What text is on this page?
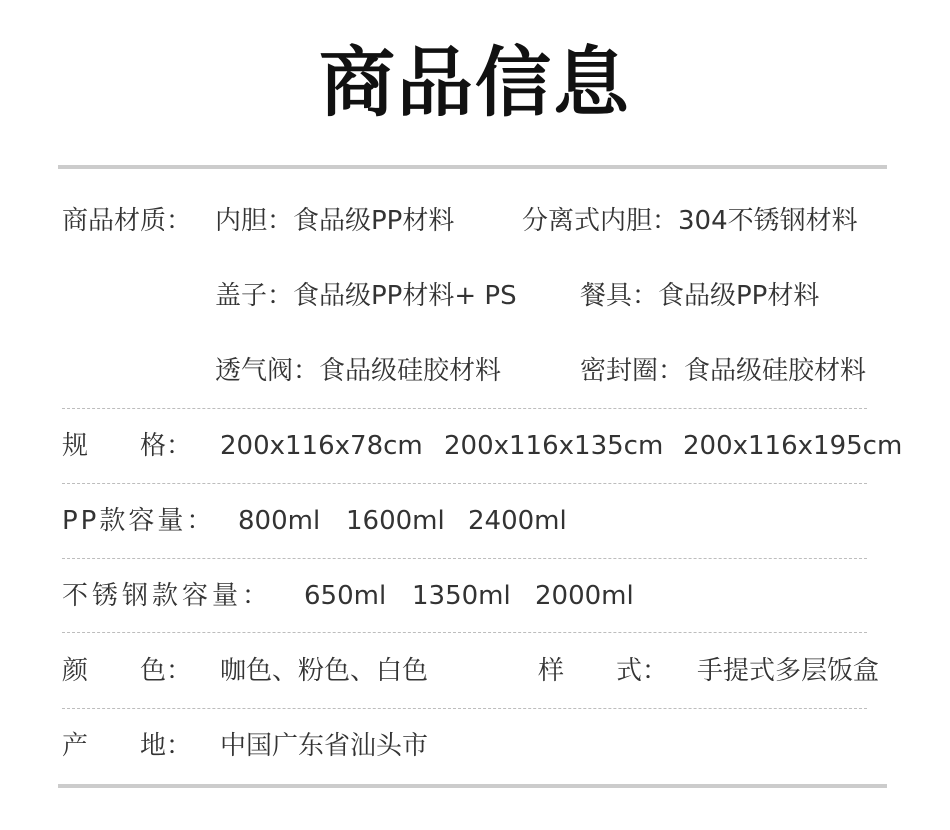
商品信息
商品材质： 内胆：食品级PP材料	分离式内胆：304不锈钢材料
盖子：食品级PP材料+ PS 餐具：食品级PP材料
透气阀：食品级硅胶材料	密封圈：食品级硅胶材料
规　　格： 200x116x78cm 200x116x135cm 200x116x195cm
PP款容量： 800ml 1600ml 2400ml
不锈钢款容量： 650ml 1350ml 2000ml
颜　　色： 咖色、粉色、白色	样　　式： 手提式多层饭盒
产　　地： 中国广东省汕头市
